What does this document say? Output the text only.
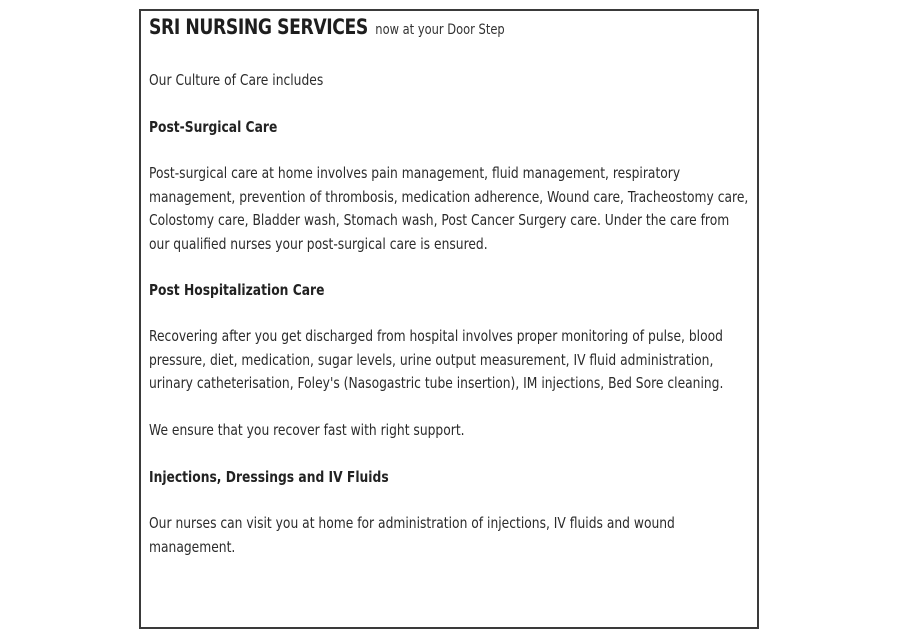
SRI NURSING SERVICES now at your Door Step

Our Culture of Care includes

Post-Surgical Care

Post-surgical care at home involves pain management, fluid management, respiratory
management, prevention of thrombosis, medication adherence, Wound care, Tracheostomy care,
Colostomy care, Bladder wash, Stomach wash, Post Cancer Surgery care. Under the care from
our qualified nurses your post-surgical care is ensured.

Post Hospitalization Care

Recovering after you get discharged from hospital involves proper monitoring of pulse, blood
pressure, diet, medication, sugar levels, urine output measurement, IV fluid administration,
urinary catheterisation, Foley's (Nasogastric tube insertion), IM injections, Bed Sore cleaning.

We ensure that you recover fast with right support.

Injections, Dressings and IV Fluids

Our nurses can visit you at home for administration of injections, IV fluids and wound
management.
